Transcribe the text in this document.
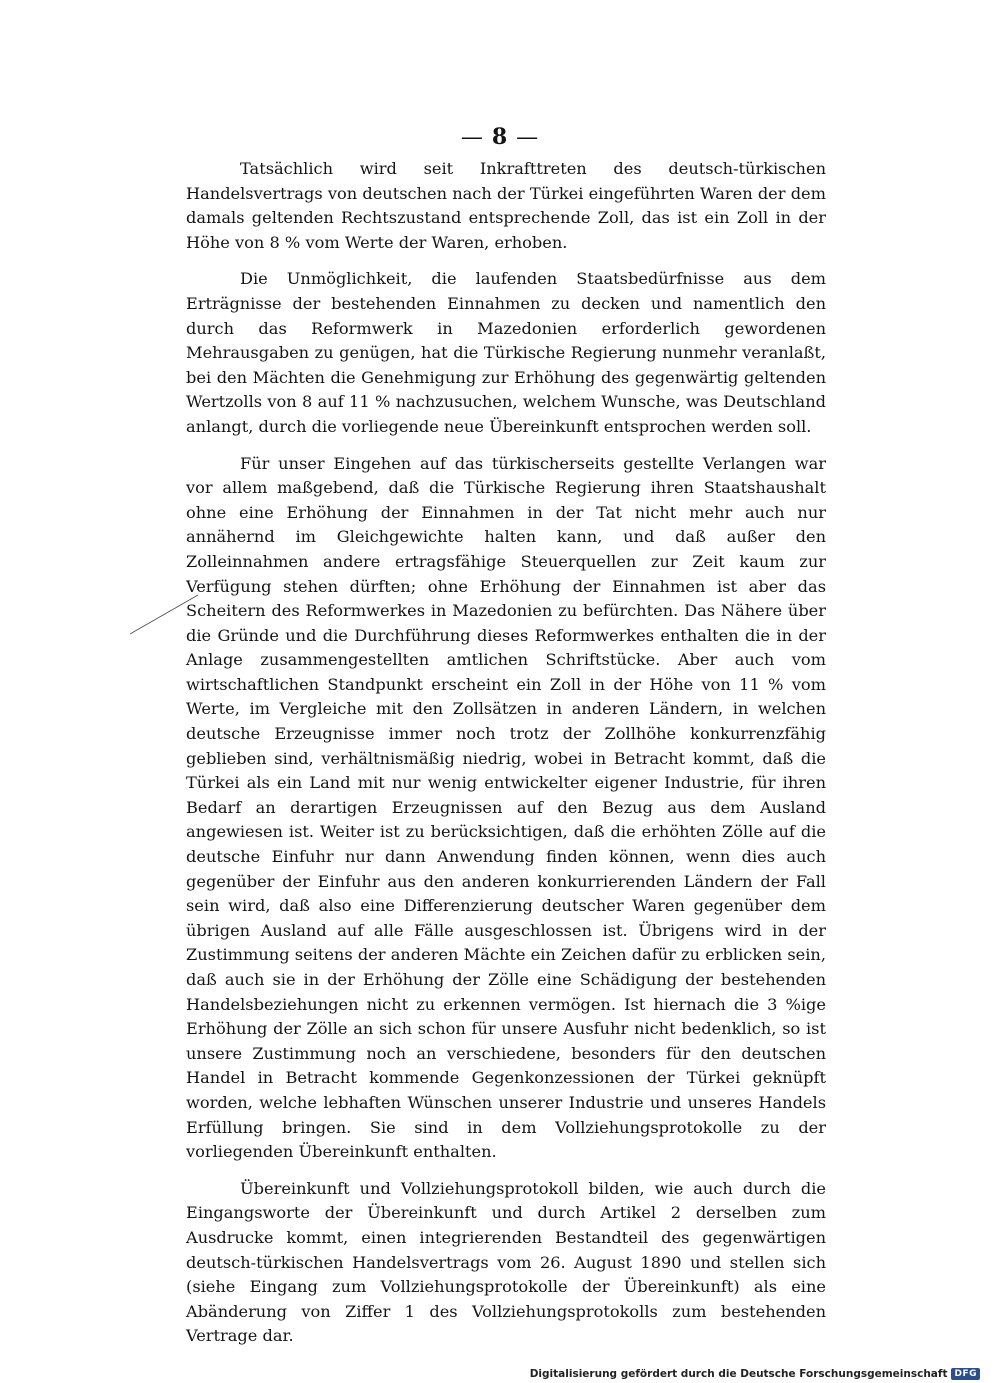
— 8 —

Tatsächlich wird seit Inkrafttreten des deutsch-türkischen Handelsvertrags von deutschen nach der Türkei eingeführten Waren der dem damals geltenden Rechtszustand entsprechende Zoll, das ist ein Zoll in der Höhe von 8 % vom Werte der Waren, erhoben.

Die Unmöglichkeit, die laufenden Staatsbedürfnisse aus dem Erträgnisse der bestehenden Einnahmen zu decken und namentlich den durch das Reformwerk in Mazedonien erforderlich gewordenen Mehrausgaben zu genügen, hat die Türkische Regierung nunmehr veranlaßt, bei den Mächten die Genehmigung zur Erhöhung des gegenwärtig geltenden Wertzolls von 8 auf 11 % nachzusuchen, welchem Wunsche, was Deutschland anlangt, durch die vorliegende neue Übereinkunft entsprochen werden soll.

Für unser Eingehen auf das türkischerseits gestellte Verlangen war vor allem maßgebend, daß die Türkische Regierung ihren Staatshaushalt ohne eine Erhöhung der Einnahmen in der Tat nicht mehr auch nur annähernd im Gleichgewichte halten kann, und daß außer den Zolleinnahmen andere ertragsfähige Steuerquellen zur Zeit kaum zur Verfügung stehen dürften; ohne Erhöhung der Einnahmen ist aber das Scheitern des Reformwerkes in Mazedonien zu befürchten. Das Nähere über die Gründe und die Durchführung dieses Reformwerkes enthalten die in der Anlage zusammengestellten amtlichen Schriftstücke. Aber auch vom wirtschaftlichen Standpunkt erscheint ein Zoll in der Höhe von 11 % vom Werte, im Vergleiche mit den Zollsätzen in anderen Ländern, in welchen deutsche Erzeugnisse immer noch trotz der Zollhöhe konkurrenzfähig geblieben sind, verhältnismäßig niedrig, wobei in Betracht kommt, daß die Türkei als ein Land mit nur wenig entwickelter eigener Industrie, für ihren Bedarf an derartigen Erzeugnissen auf den Bezug aus dem Ausland angewiesen ist. Weiter ist zu berücksichtigen, daß die erhöhten Zölle auf die deutsche Einfuhr nur dann Anwendung finden können, wenn dies auch gegenüber der Einfuhr aus den anderen konkurrierenden Ländern der Fall sein wird, daß also eine Differenzierung deutscher Waren gegenüber dem übrigen Ausland auf alle Fälle ausgeschlossen ist. Übrigens wird in der Zustimmung seitens der anderen Mächte ein Zeichen dafür zu erblicken sein, daß auch sie in der Erhöhung der Zölle eine Schädigung der bestehenden Handelsbeziehungen nicht zu erkennen vermögen. Ist hiernach die 3 %ige Erhöhung der Zölle an sich schon für unsere Ausfuhr nicht bedenklich, so ist unsere Zustimmung noch an verschiedene, besonders für den deutschen Handel in Betracht kommende Gegenkonzessionen der Türkei geknüpft worden, welche lebhaften Wünschen unserer Industrie und unseres Handels Erfüllung bringen. Sie sind in dem Vollziehungsprotokolle zu der vorliegenden Übereinkunft enthalten.

Übereinkunft und Vollziehungsprotokoll bilden, wie auch durch die Eingangsworte der Übereinkunft und durch Artikel 2 derselben zum Ausdrucke kommt, einen integrierenden Bestandteil des gegenwärtigen deutsch-türkischen Handelsvertrags vom 26. August 1890 und stellen sich (siehe Eingang zum Vollziehungsprotokolle der Übereinkunft) als eine Abänderung von Ziffer 1 des Vollziehungsprotokolls zum bestehenden Vertrage dar.

Digitalisierung gefördert durch die Deutsche Forschungsgemeinschaft DFG
